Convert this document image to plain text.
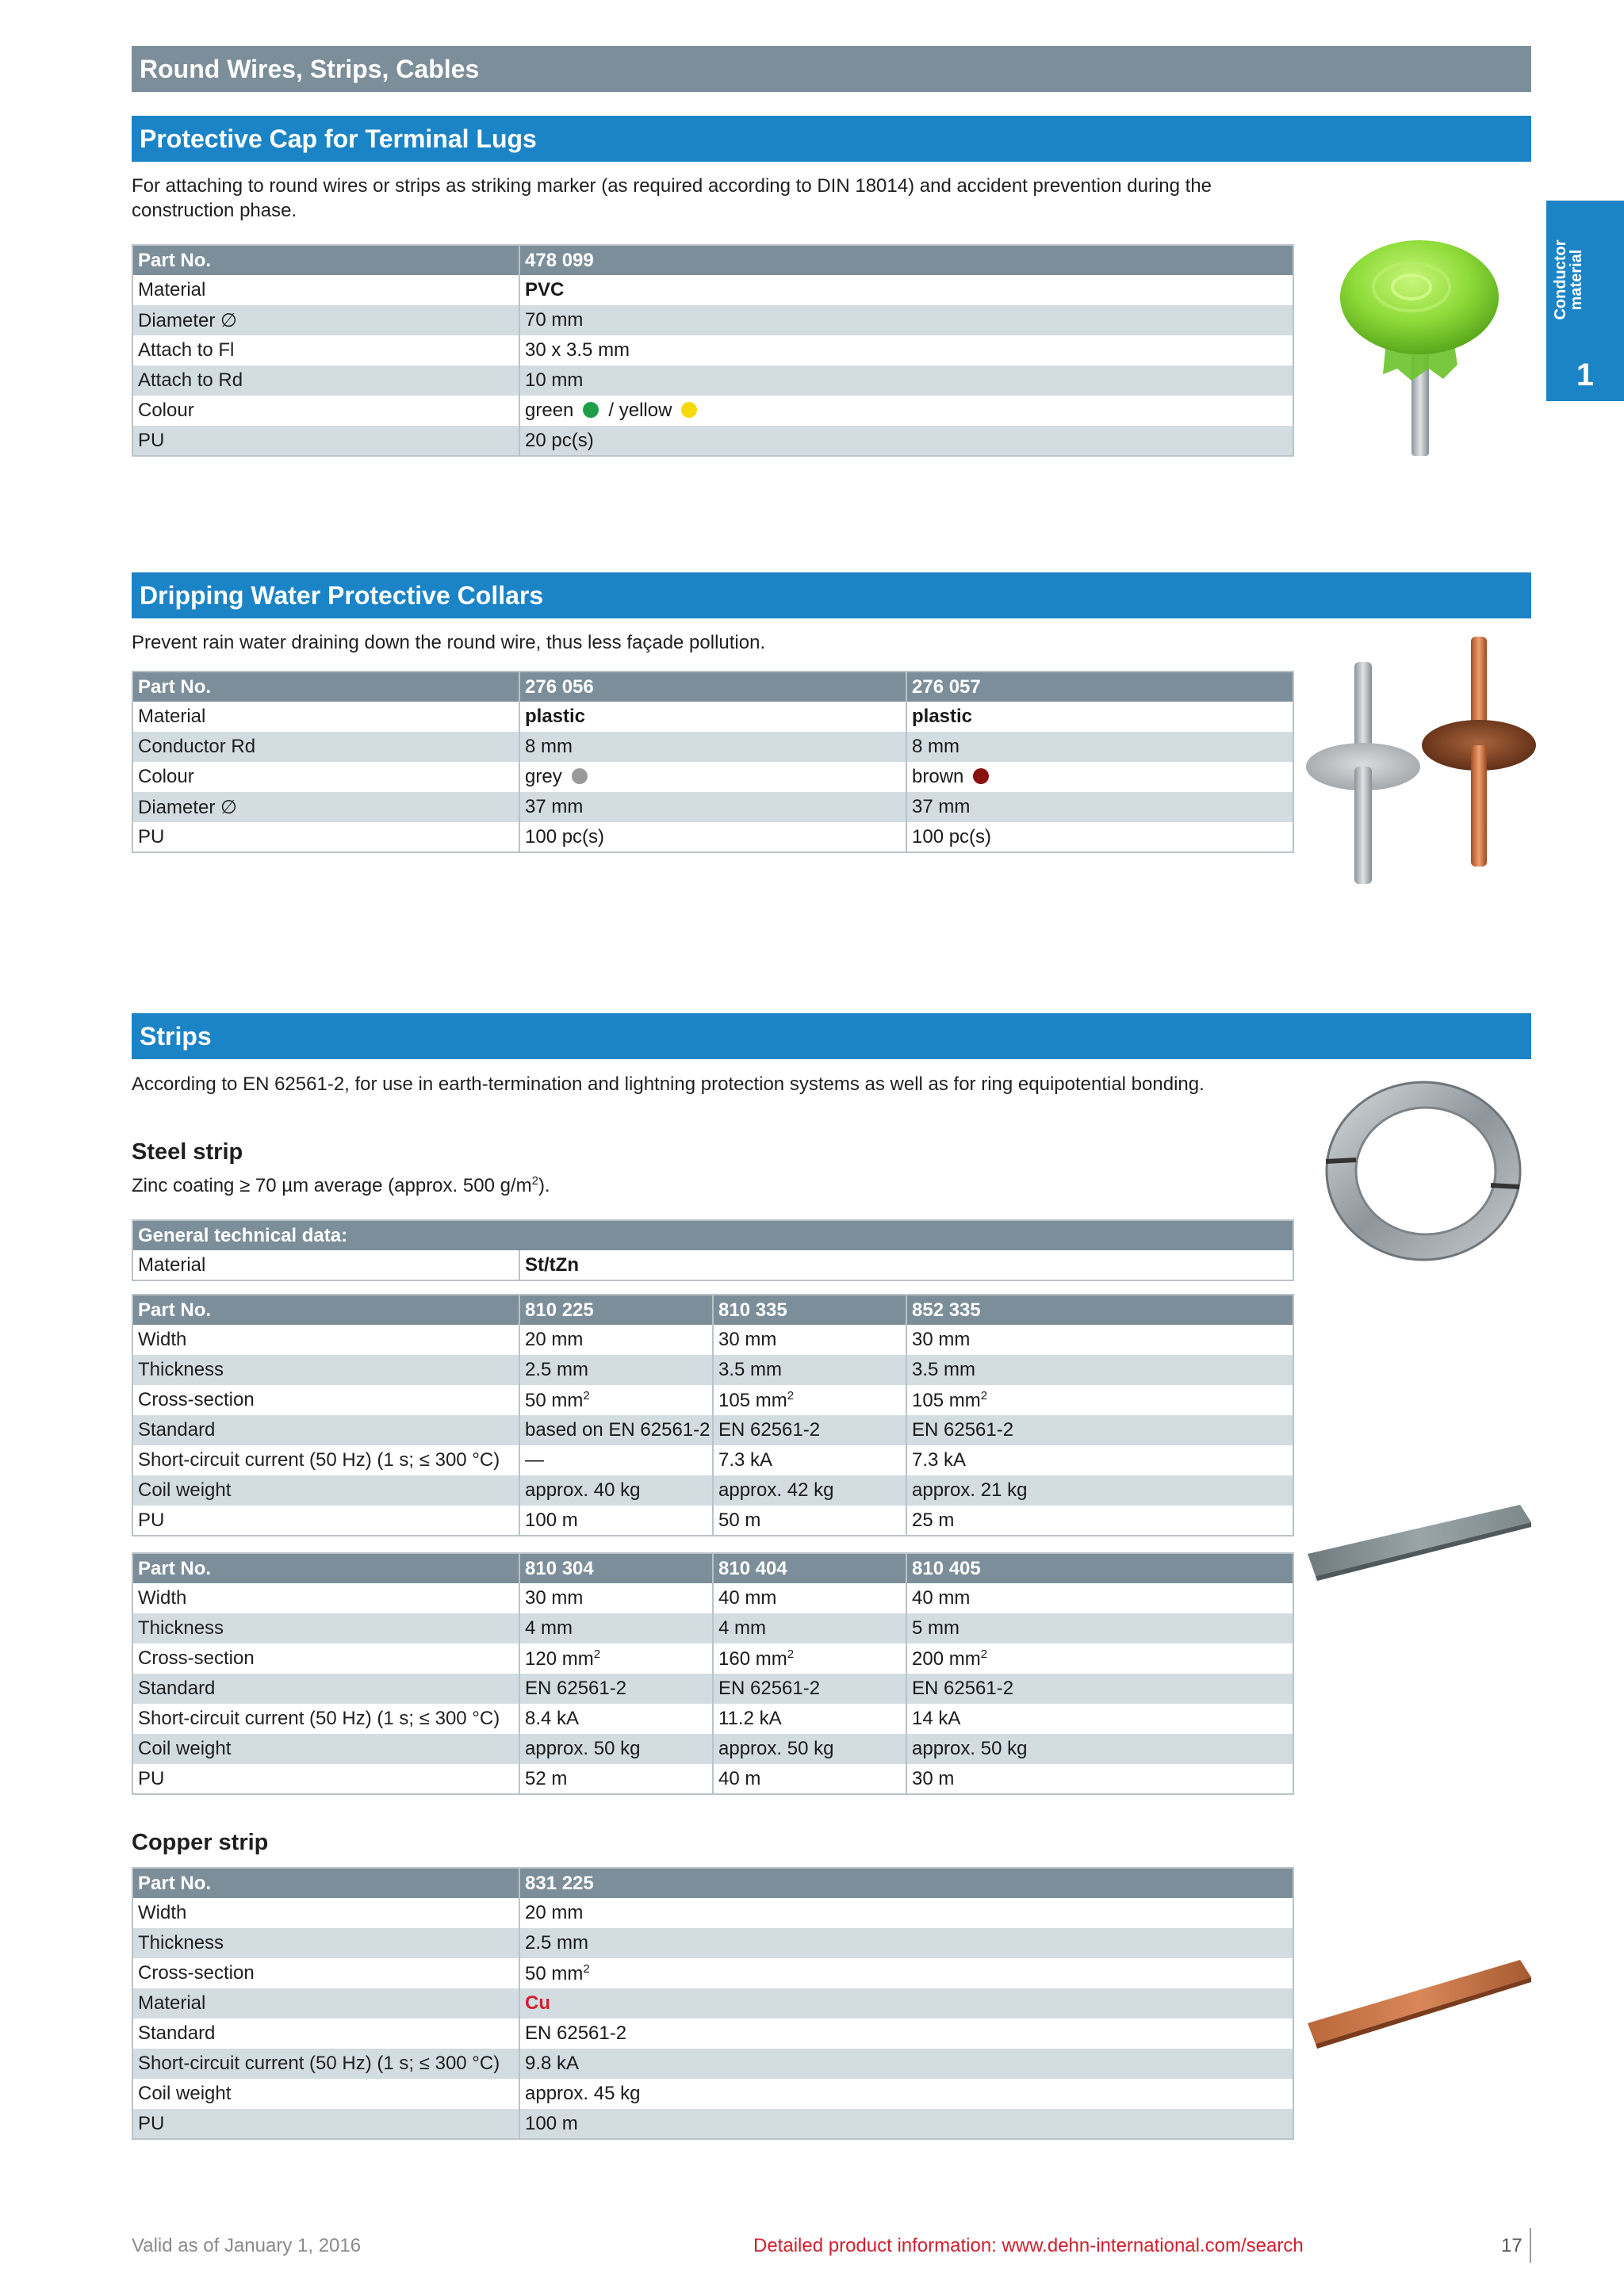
Round Wires, Strips, Cables
Conductor
material
1
Protective Cap for Terminal Lugs
For attaching to round wires or strips as striking marker (as required according to DIN 18014) and accident prevention during the construction phase.
Part No.	478 099
Material	PVC
Diameter ∅	70 mm
Attach to Fl	30 x 3.5 mm
Attach to Rd	10 mm
Colour	green / yellow
PU	20 pc(s)
Dripping Water Protective Collars
Prevent rain water draining down the round wire, thus less façade pollution.
Part No.	276 056	276 057
Material	plastic	plastic
Conductor Rd	8 mm	8 mm
Colour	grey	brown
Diameter ∅	37 mm	37 mm
PU	100 pc(s)	100 pc(s)
Strips
According to EN 62561-2, for use in earth-termination and lightning protection systems as well as for ring equipotential bonding.
Steel strip
Zinc coating ≥ 70 µm average (approx. 500 $g/m^2$).
General technical data:
Material	St/tZn
Part No.	810 225	810 335	852 335
Width	20 mm	30 mm	30 mm
Thickness	2.5 mm	3.5 mm	3.5 mm
Cross-section	50 $mm^2$	105 $mm^2$	105 $mm^2$
Standard	based on EN 62561-2	EN 62561-2	EN 62561-2
Short-circuit current (50 Hz) (1 s; ≤ 300 °C)	—	7.3 kA	7.3 kA
Coil weight	approx. 40 kg	approx. 42 kg	approx. 21 kg
PU	100 m	50 m	25 m
Part No.	810 304	810 404	810 405
Width	30 mm	40 mm	40 mm
Thickness	4 mm	4 mm	5 mm
Cross-section	120 $mm^2$	160 $mm^2$	200 $mm^2$
Standard	EN 62561-2	EN 62561-2	EN 62561-2
Short-circuit current (50 Hz) (1 s; ≤ 300 °C)	8.4 kA	11.2 kA	14 kA
Coil weight	approx. 50 kg	approx. 50 kg	approx. 50 kg
PU	52 m	40 m	30 m
Copper strip
Part No.	831 225
Width	20 mm
Thickness	2.5 mm
Cross-section	50 $mm^2$
Material	Cu
Standard	EN 62561-2
Short-circuit current (50 Hz) (1 s; ≤ 300 °C)	9.8 kA
Coil weight	approx. 45 kg
PU	100 m
Valid as of January 1, 2016	Detailed product information: www.dehn-international.com/search	17
